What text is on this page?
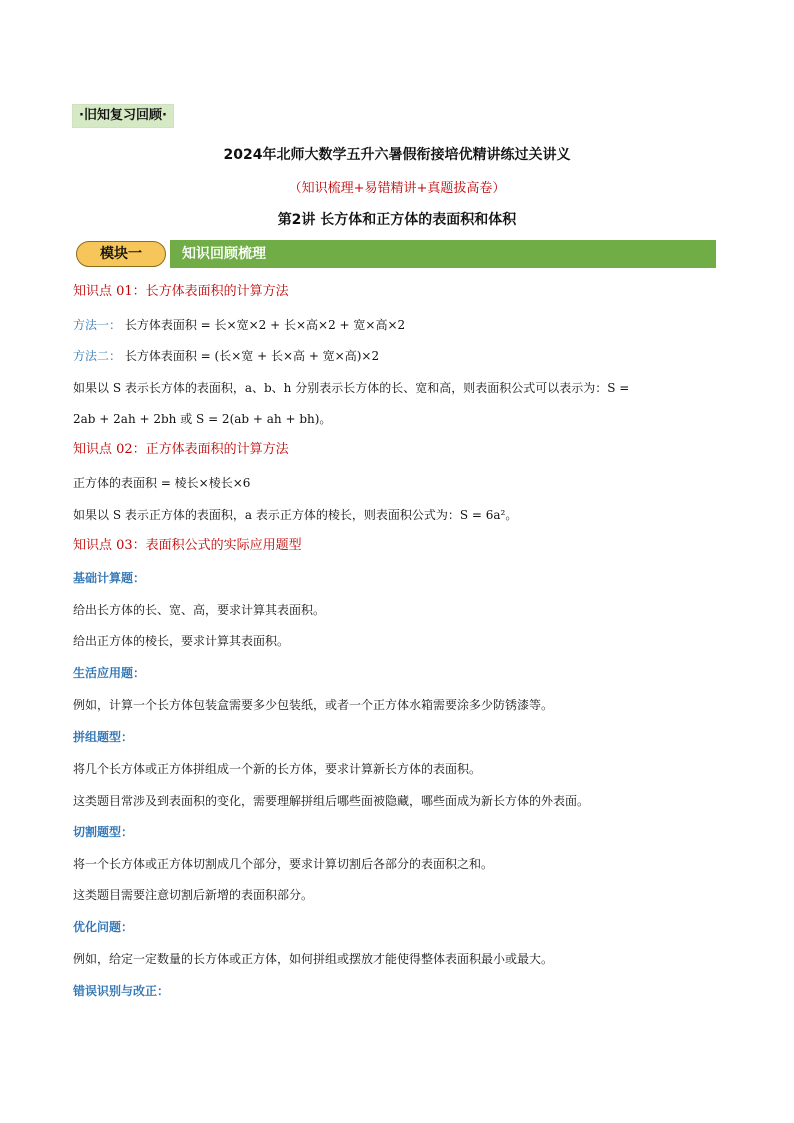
·旧知复习回顾·
2024年北师大数学五升六暑假衔接培优精讲练过关讲义
（知识梳理+易错精讲+真题拔高卷）
第2讲 长方体和正方体的表面积和体积
模块一	知识回顾梳理
知识点 01：长方体表面积的计算方法
方法一： 长方体表面积 = 长×宽×2 + 长×高×2 + 宽×高×2
方法二： 长方体表面积 = (长×宽 + 长×高 + 宽×高)×2
如果以 S 表示长方体的表面积，a、b、h 分别表示长方体的长、宽和高，则表面积公式可以表示为：S =
2ab + 2ah + 2bh 或 S = 2(ab + ah + bh)。
知识点 02：正方体表面积的计算方法
正方体的表面积 = 棱长×棱长×6
如果以 S 表示正方体的表面积，a 表示正方体的棱长，则表面积公式为：S = 6a²。
知识点 03：表面积公式的实际应用题型
基础计算题：
给出长方体的长、宽、高，要求计算其表面积。
给出正方体的棱长，要求计算其表面积。
生活应用题：
例如，计算一个长方体包装盒需要多少包装纸，或者一个正方体水箱需要涂多少防锈漆等。
拼组题型：
将几个长方体或正方体拼组成一个新的长方体，要求计算新长方体的表面积。
这类题目常涉及到表面积的变化，需要理解拼组后哪些面被隐藏，哪些面成为新长方体的外表面。
切割题型：
将一个长方体或正方体切割成几个部分，要求计算切割后各部分的表面积之和。
这类题目需要注意切割后新增的表面积部分。
优化问题：
例如，给定一定数量的长方体或正方体，如何拼组或摆放才能使得整体表面积最小或最大。
错误识别与改正：
